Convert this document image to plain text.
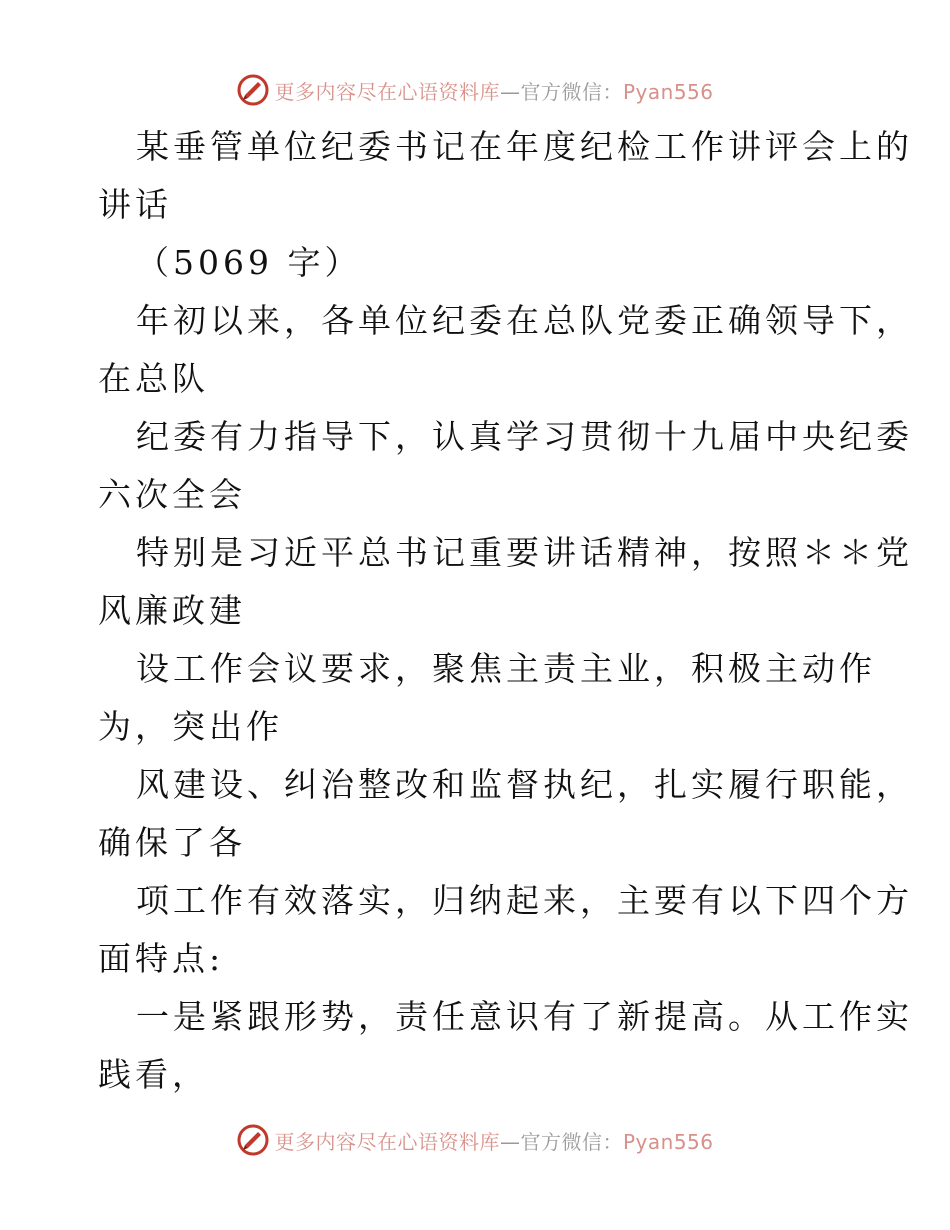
更多内容尽在心语资料库—官方微信：Pyan556
某垂管单位纪委书记在年度纪检工作讲评会上的
讲话
（5069 字）
年初以来，各单位纪委在总队党委正确领导下，
在总队
纪委有力指导下，认真学习贯彻十九届中央纪委
六次全会
特别是习近平总书记重要讲话精神，按照＊＊党
风廉政建
设工作会议要求，聚焦主责主业，积极主动作
为，突出作
风建设、纠治整改和监督执纪，扎实履行职能，
确保了各
项工作有效落实，归纳起来，主要有以下四个方
面特点:
一是紧跟形势，责任意识有了新提高。从工作实
践看，
更多内容尽在心语资料库—官方微信：Pyan556
